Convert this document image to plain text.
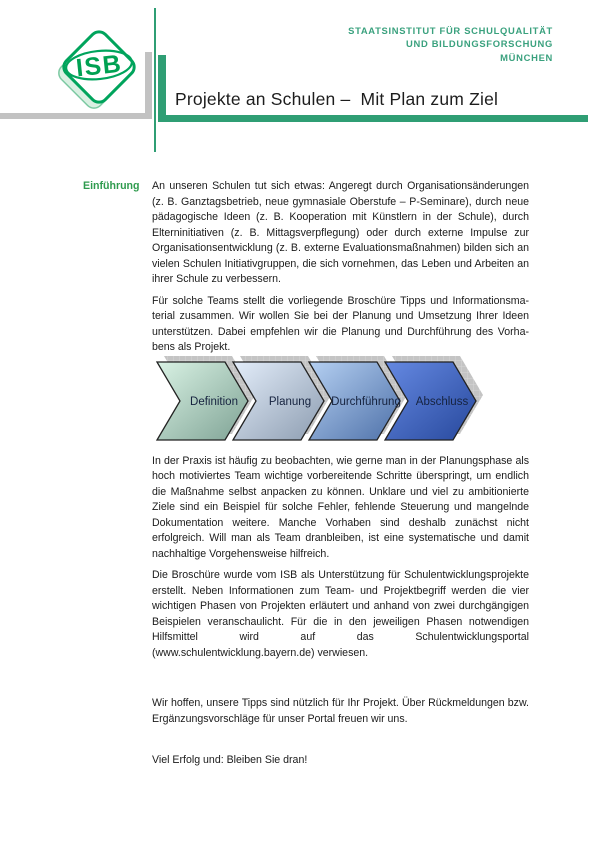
ISB
STAATSINSTITUT FÜR SCHULQUALITÄT
UND BILDUNGSFORSCHUNG
MÜNCHEN
Projekte an Schulen –  Mit Plan zum Ziel
Einführung An unseren Schulen tut sich etwas: Angeregt durch Organisationsänderungen (z. B. Ganztagsbetrieb, neue gymnasiale Oberstufe – P-Seminare), durch neue pädagogische Ideen (z. B. Kooperation mit Künstlern in der Schule), durch Elterninitiativen (z. B. Mittagsverpflegung) oder durch externe Impulse zur Organisationsentwicklung (z. B. externe Evaluationsmaßnahmen) bilden sich an vielen Schulen Initiativgruppen, die sich vornehmen, das Leben und Arbeiten an ihrer Schule zu verbessern.

Für solche Teams stellt die vorliegende Broschüre Tipps und Informationsmaterial zusammen. Wir wollen Sie bei der Planung und Umsetzung Ihrer Ideen unterstützen. Dabei empfehlen wir die Planung und Durchführung des Vorhabens als Projekt.

Definition	Planung Durchführung Abschluss

In der Praxis ist häufig zu beobachten, wie gerne man in der Planungsphase als hoch motiviertes Team wichtige vorbereitende Schritte überspringt, um endlich die Maßnahme selbst anpacken zu können. Unklare und viel zu ambitionierte Ziele sind ein Beispiel für solche Fehler, fehlende Steuerung und mangelnde Dokumentation weitere. Manche Vorhaben sind deshalb zunächst nicht erfolgreich. Will man als Team dranbleiben, ist eine systematische und damit nachhaltige Vorgehensweise hilfreich.

Die Broschüre wurde vom ISB als Unterstützung für Schulentwicklungsprojekte erstellt. Neben Informationen zum Team- und Projektbegriff werden die vier wichtigen Phasen von Projekten erläutert und anhand von zwei durchgängigen Beispielen veranschaulicht. Für die in den jeweiligen Phasen notwendigen Hilfsmittel wird auf das Schulentwicklungsportal (www.schulentwicklung.bayern.de) verwiesen.

Wir hoffen, unsere Tipps sind nützlich für Ihr Projekt. Über Rückmeldungen bzw. Ergänzungsvorschläge für unser Portal freuen wir uns.

Viel Erfolg und: Bleiben Sie dran!
